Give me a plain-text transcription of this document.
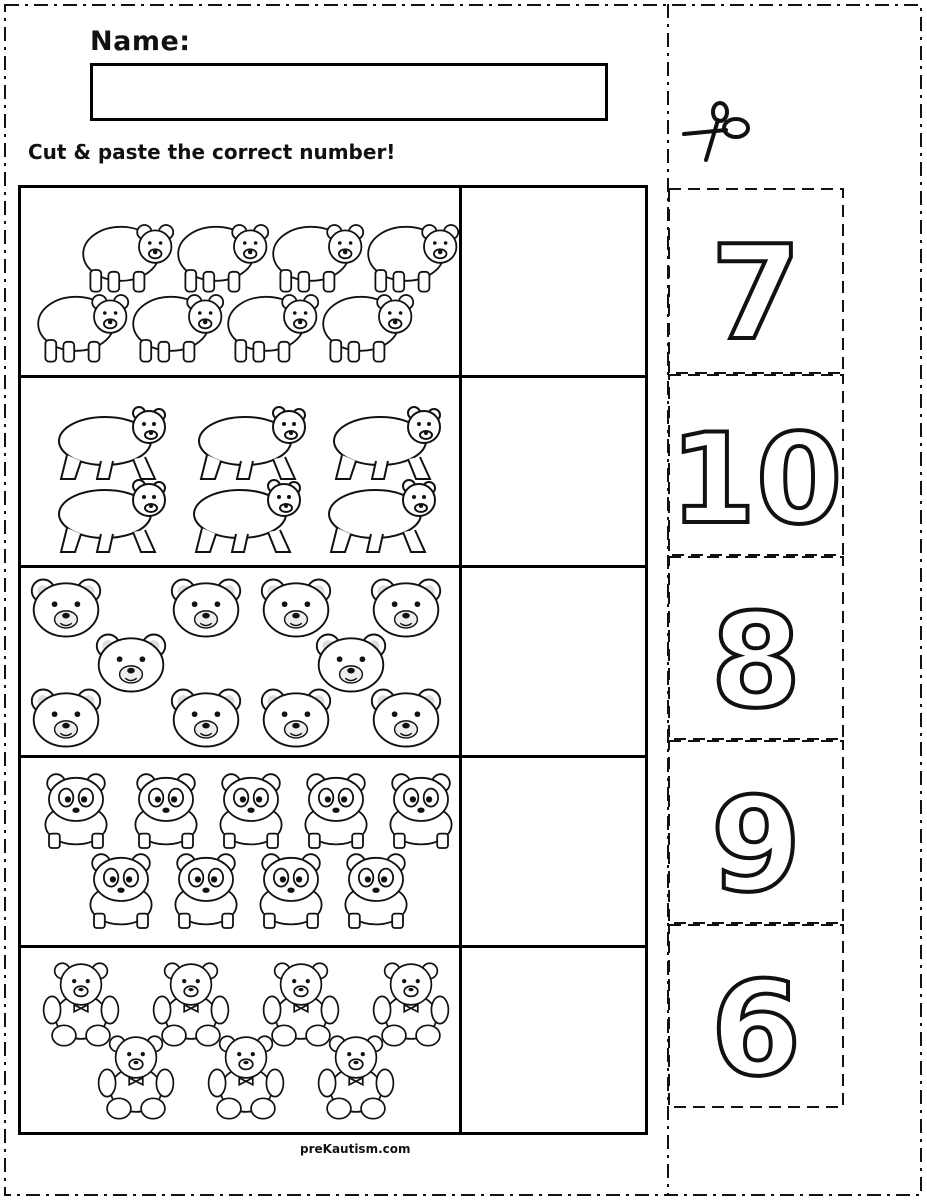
Name:
Cut & paste the correct number!
7
10
8
9
6
preKautism.com
